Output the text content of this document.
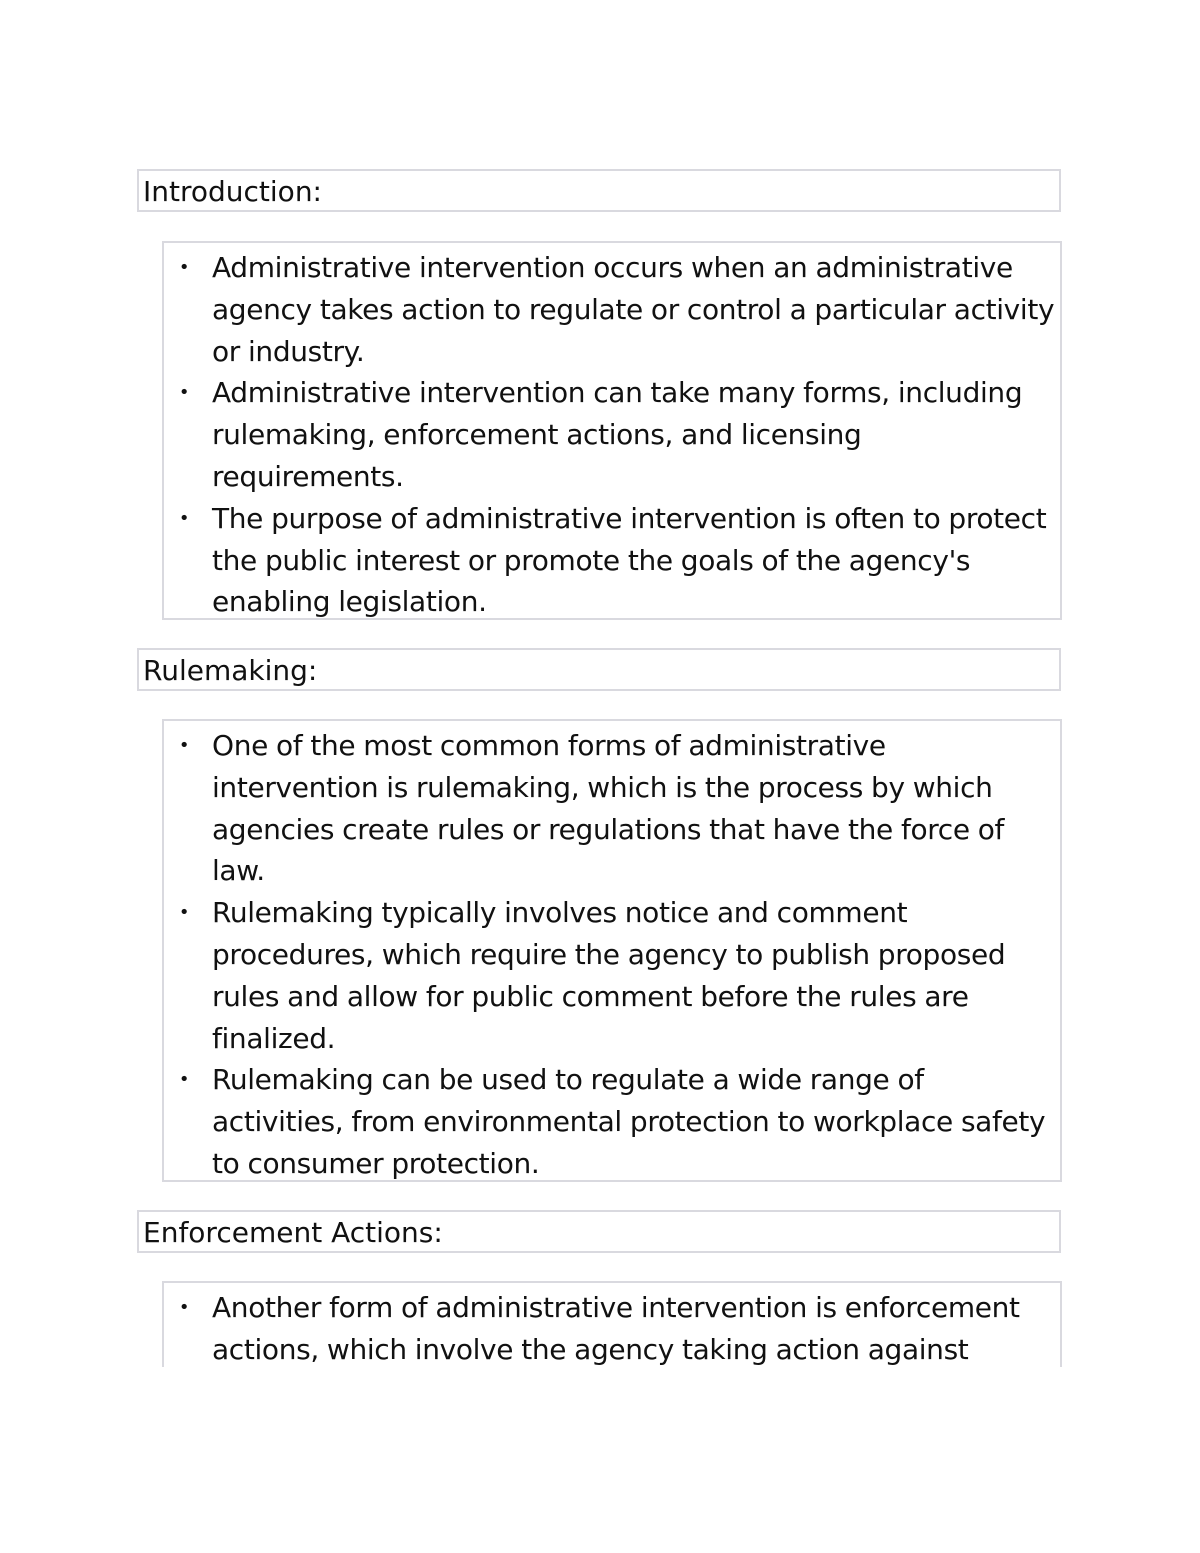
Introduction:
• Administrative intervention occurs when an administrative agency takes action to regulate or control a particular activity or industry.
• Administrative intervention can take many forms, including rulemaking, enforcement actions, and licensing requirements.
• The purpose of administrative intervention is often to protect the public interest or promote the goals of the agency's enabling legislation.
Rulemaking:
• One of the most common forms of administrative intervention is rulemaking, which is the process by which agencies create rules or regulations that have the force of law.
• Rulemaking typically involves notice and comment procedures, which require the agency to publish proposed rules and allow for public comment before the rules are finalized.
• Rulemaking can be used to regulate a wide range of activities, from environmental protection to workplace safety to consumer protection.
Enforcement Actions:
• Another form of administrative intervention is enforcement actions, which involve the agency taking action against
